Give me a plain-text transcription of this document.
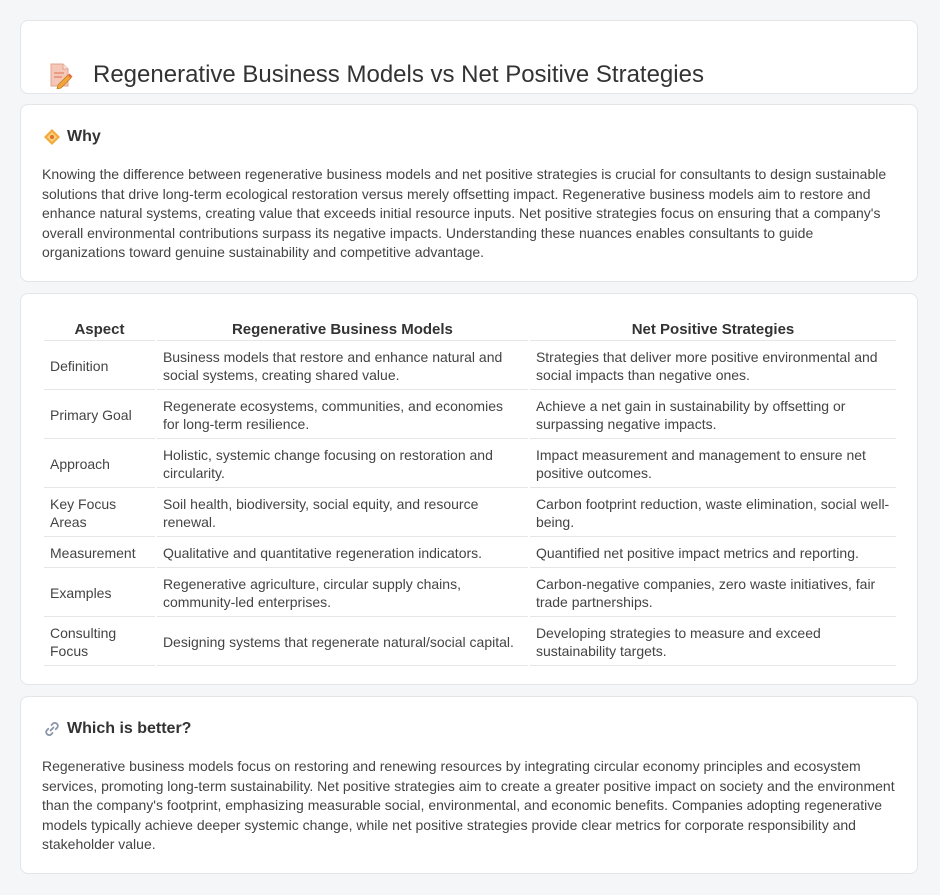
Regenerative Business Models vs Net Positive Strategies
Why

Knowing the difference between regenerative business models and net positive strategies is crucial for consultants to design sustainable solutions that drive long-term ecological restoration versus merely offsetting impact. Regenerative business models aim to restore and enhance natural systems, creating value that exceeds initial resource inputs. Net positive strategies focus on ensuring that a company's overall environmental contributions surpass its negative impacts. Understanding these nuances enables consultants to guide organizations toward genuine sustainability and competitive advantage.

Aspect	Regenerative Business Models	Net Positive Strategies
Definition	Business models that restore and enhance natural and social systems, creating shared value.	Strategies that deliver more positive environmental and social impacts than negative ones.
Primary Goal	Regenerate ecosystems, communities, and economies for long-term resilience.	Achieve a net gain in sustainability by offsetting or surpassing negative impacts.
Approach	Holistic, systemic change focusing on restoration and circularity.	Impact measurement and management to ensure net positive outcomes.
Key Focus Areas	Soil health, biodiversity, social equity, and resource renewal.	Carbon footprint reduction, waste elimination, social well-being.
Measurement	Qualitative and quantitative regeneration indicators.	Quantified net positive impact metrics and reporting.
Examples	Regenerative agriculture, circular supply chains, community-led enterprises.	Carbon-negative companies, zero waste initiatives, fair trade partnerships.
Consulting Focus	Designing systems that regenerate natural/social capital.	Developing strategies to measure and exceed sustainability targets.
Which is better?

Regenerative business models focus on restoring and renewing resources by integrating circular economy principles and ecosystem services, promoting long-term sustainability. Net positive strategies aim to create a greater positive impact on society and the environment than the company's footprint, emphasizing measurable social, environmental, and economic benefits. Companies adopting regenerative models typically achieve deeper systemic change, while net positive strategies provide clear metrics for corporate responsibility and stakeholder value.
